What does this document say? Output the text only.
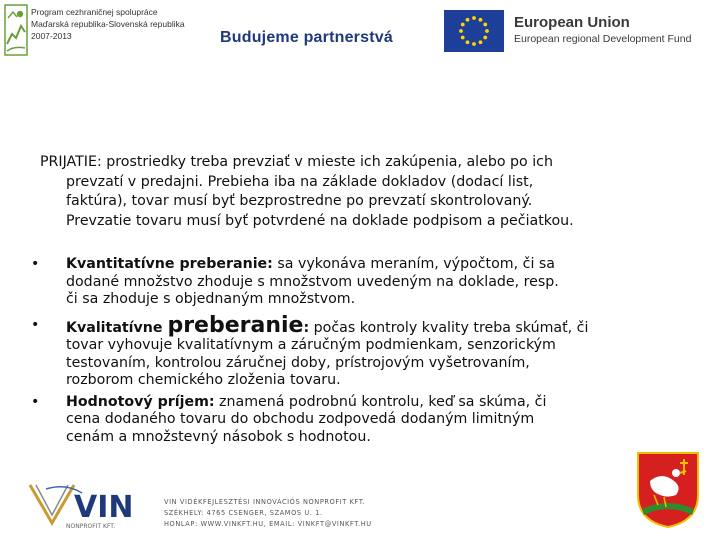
Program cezhraničnej spolupráce
Maďarská republika-Slovenská republika
2007-2013	Budujeme partnerstvá
European Union
European regional Development Fund
PRIJATIE: prostriedky treba prevziať v mieste ich zakúpenia, alebo po ich
prevzatí v predajni. Prebieha iba na základe dokladov (dodací list,
faktúra), tovar musí byť bezprostredne po prevzatí skontrolovaný.
Prevzatie tovaru musí byť potvrdené na doklade podpisom a pečiatkou.
• Kvantitatívne preberanie: sa vykonáva meraním, výpočtom, či sa
dodané množstvo zhoduje s množstvom uvedeným na doklade, resp.
či sa zhoduje s objednaným množstvom.
• Kvalitatívne preberanie: počas kontroly kvality treba skúmať, či
tovar vyhovuje kvalitatívnym a záručným podmienkam, senzorickým
testovaním, kontrolou záručnej doby, prístrojovým vyšetrovaním,
rozborom chemického zloženia tovaru.
• Hodnotový príjem: znamená podrobnú kontrolu, keď sa skúma, či
cena dodaného tovaru do obchodu zodpovedá dodaným limitným
cenám a množstevný násobok s hodnotou.
VIN
NONPROFIT KFT.
VIN VIDÉKFEJLESZTÉSI INNOVÁCIÓS NONPROFIT KFT.
SZÉKHELY: 4765 CSENGER, SZAMOS U. 1.
HONLAP: WWW.VINKFT.HU, EMAIL: VINKFT@VINKFT.HU
